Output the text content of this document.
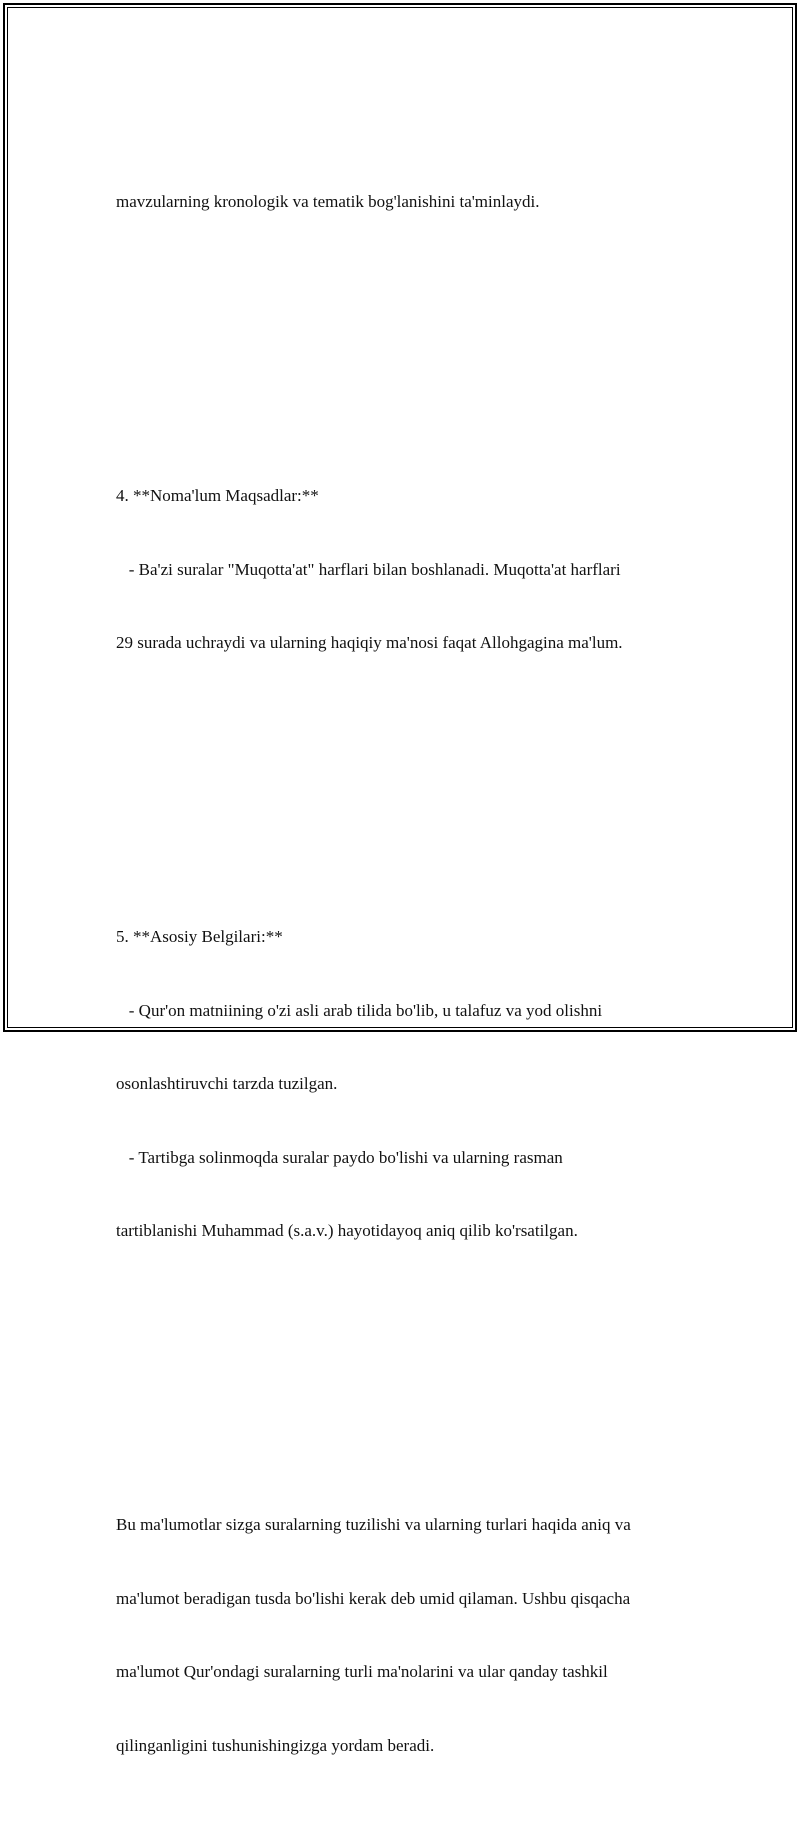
mavzularning kronologik va tematik bog'lanishini ta'minlaydi.

4. **Noma'lum Maqsadlar:**

- Ba'zi suralar "Muqotta'at" harflari bilan boshlanadi. Muqotta'at harflari

29 surada uchraydi va ularning haqiqiy ma'nosi faqat Allohgagina ma'lum.

5. **Asosiy Belgilari:**

- Qur'on matniining o'zi asli arab tilida bo'lib, u talafuz va yod olishni

osonlashtiruvchi tarzda tuzilgan.

- Tartibga solinmoqda suralar paydo bo'lishi va ularning rasman

tartiblanishi Muhammad (s.a.v.) hayotidayoq aniq qilib ko'rsatilgan.

Bu ma'lumotlar sizga suralarning tuzilishi va ularning turlari haqida aniq va

ma'lumot beradigan tusda bo'lishi kerak deb umid qilaman. Ushbu qisqacha

ma'lumot Qur'ondagi suralarning turli ma'nolarini va ular qanday tashkil

qilinganligini tushunishingizga yordam beradi.
